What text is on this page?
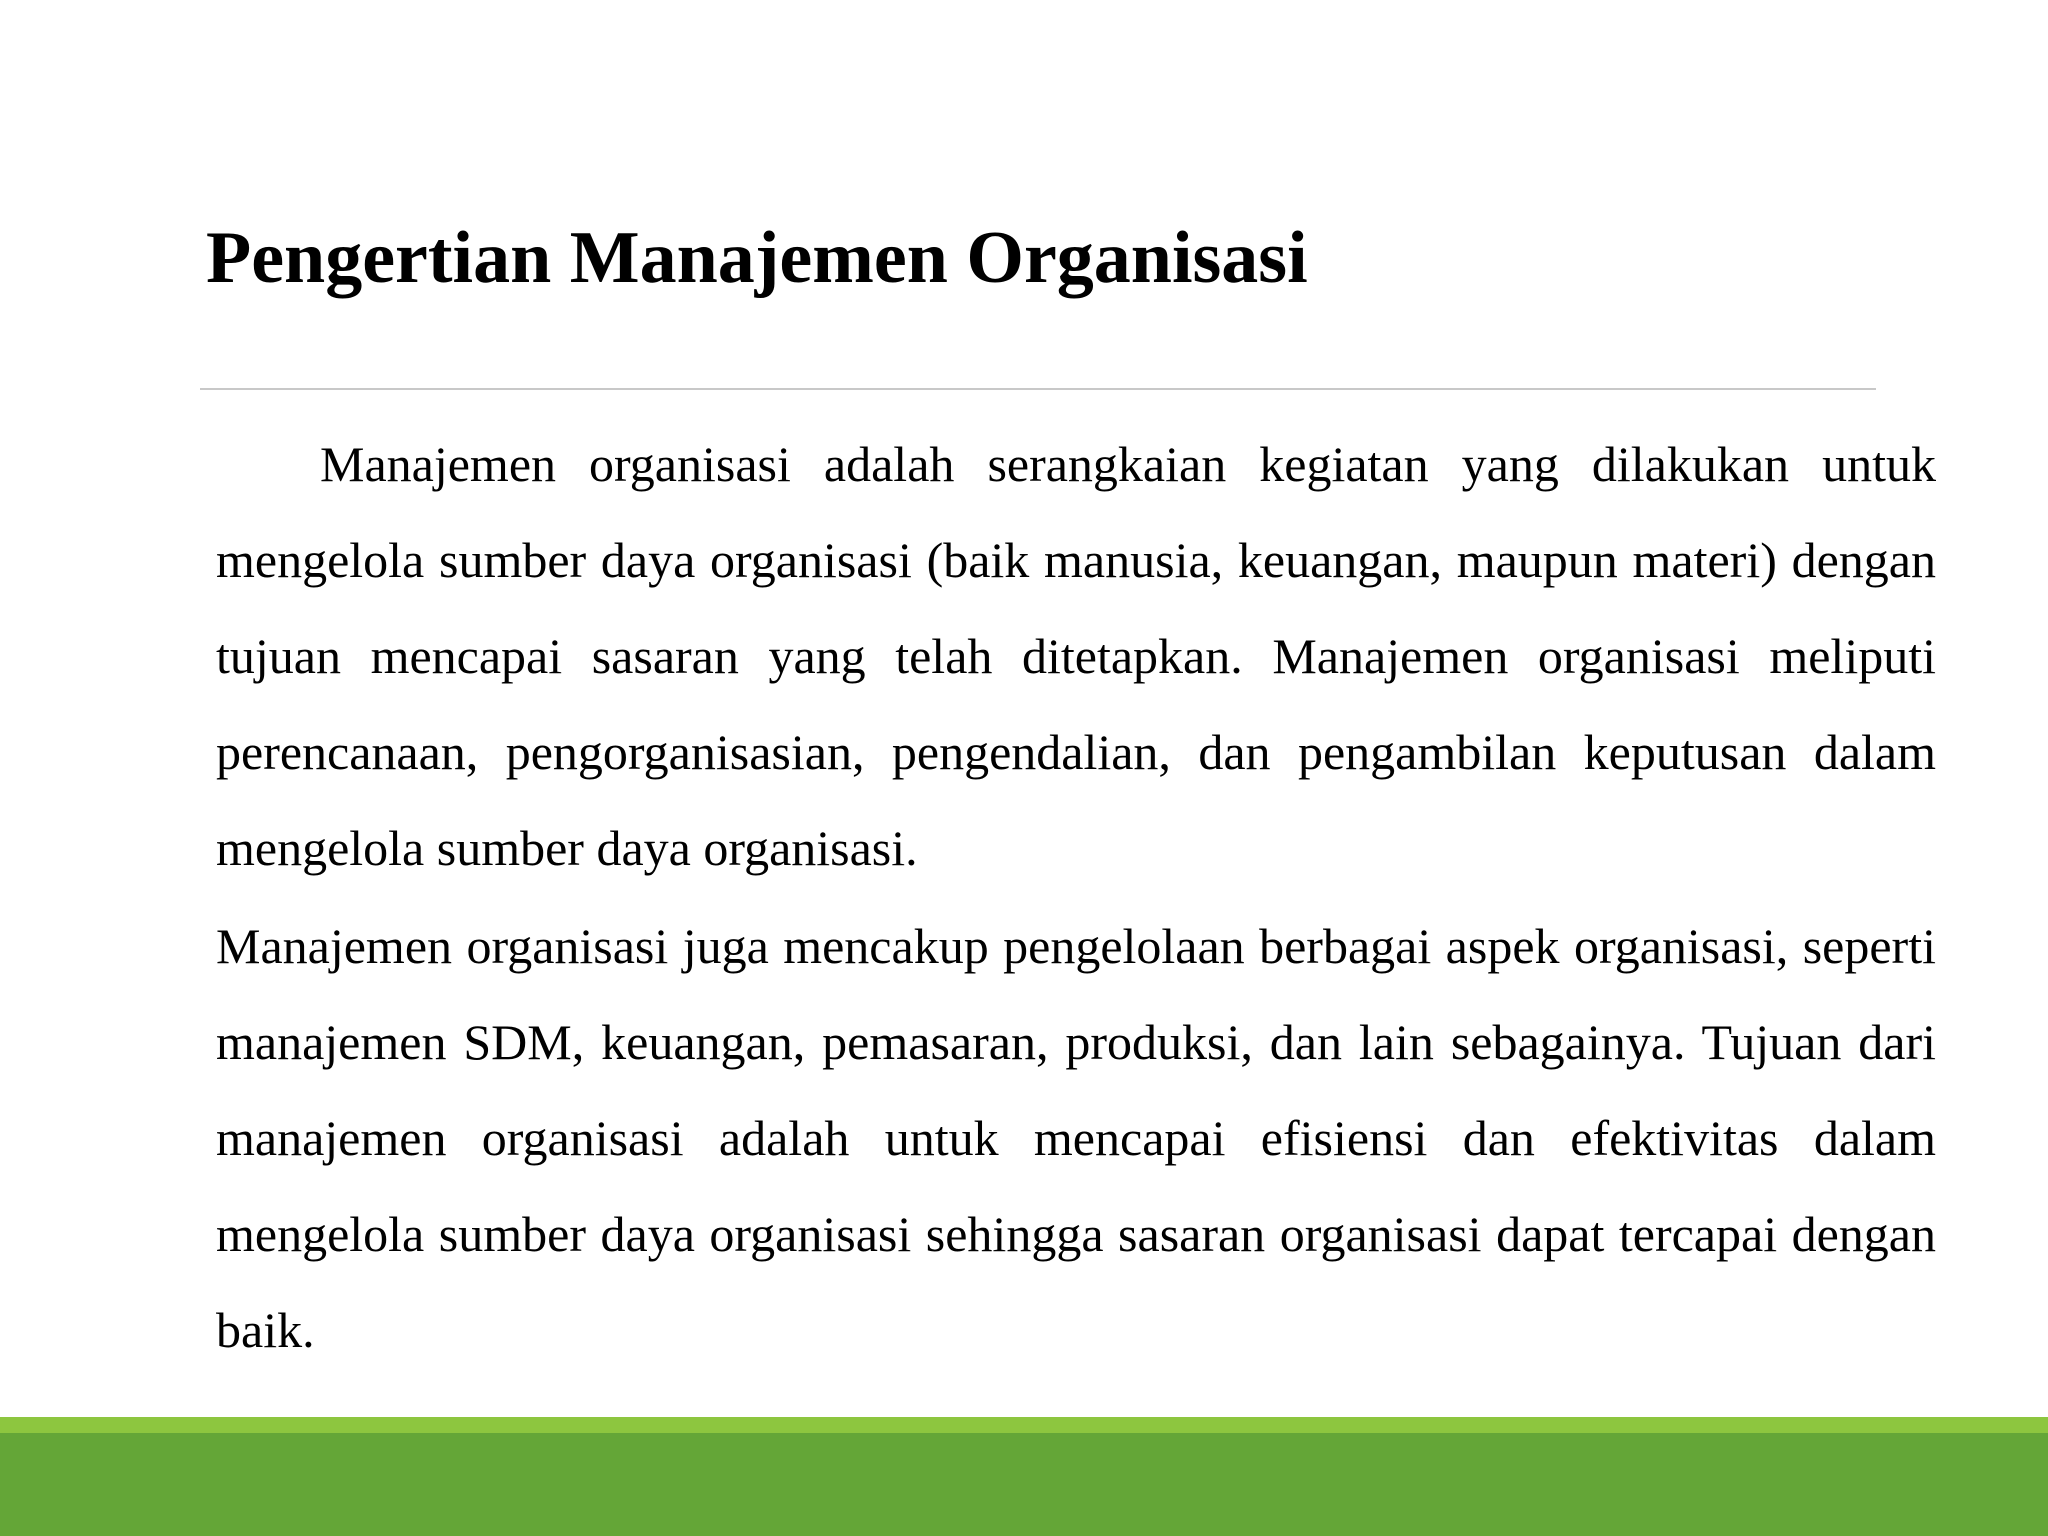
Pengertian Manajemen Organisasi

Manajemen organisasi adalah serangkaian kegiatan yang dilakukan untuk mengelola sumber daya organisasi (baik manusia, keuangan, maupun materi) dengan tujuan mencapai sasaran yang telah ditetapkan. Manajemen organisasi meliputi perencanaan, pengorganisasian, pengendalian, dan pengambilan keputusan dalam mengelola sumber daya organisasi.

Manajemen organisasi juga mencakup pengelolaan berbagai aspek organisasi, seperti manajemen SDM, keuangan, pemasaran, produksi, dan lain sebagainya. Tujuan dari manajemen organisasi adalah untuk mencapai efisiensi dan efektivitas dalam mengelola sumber daya organisasi sehingga sasaran organisasi dapat tercapai dengan baik.
